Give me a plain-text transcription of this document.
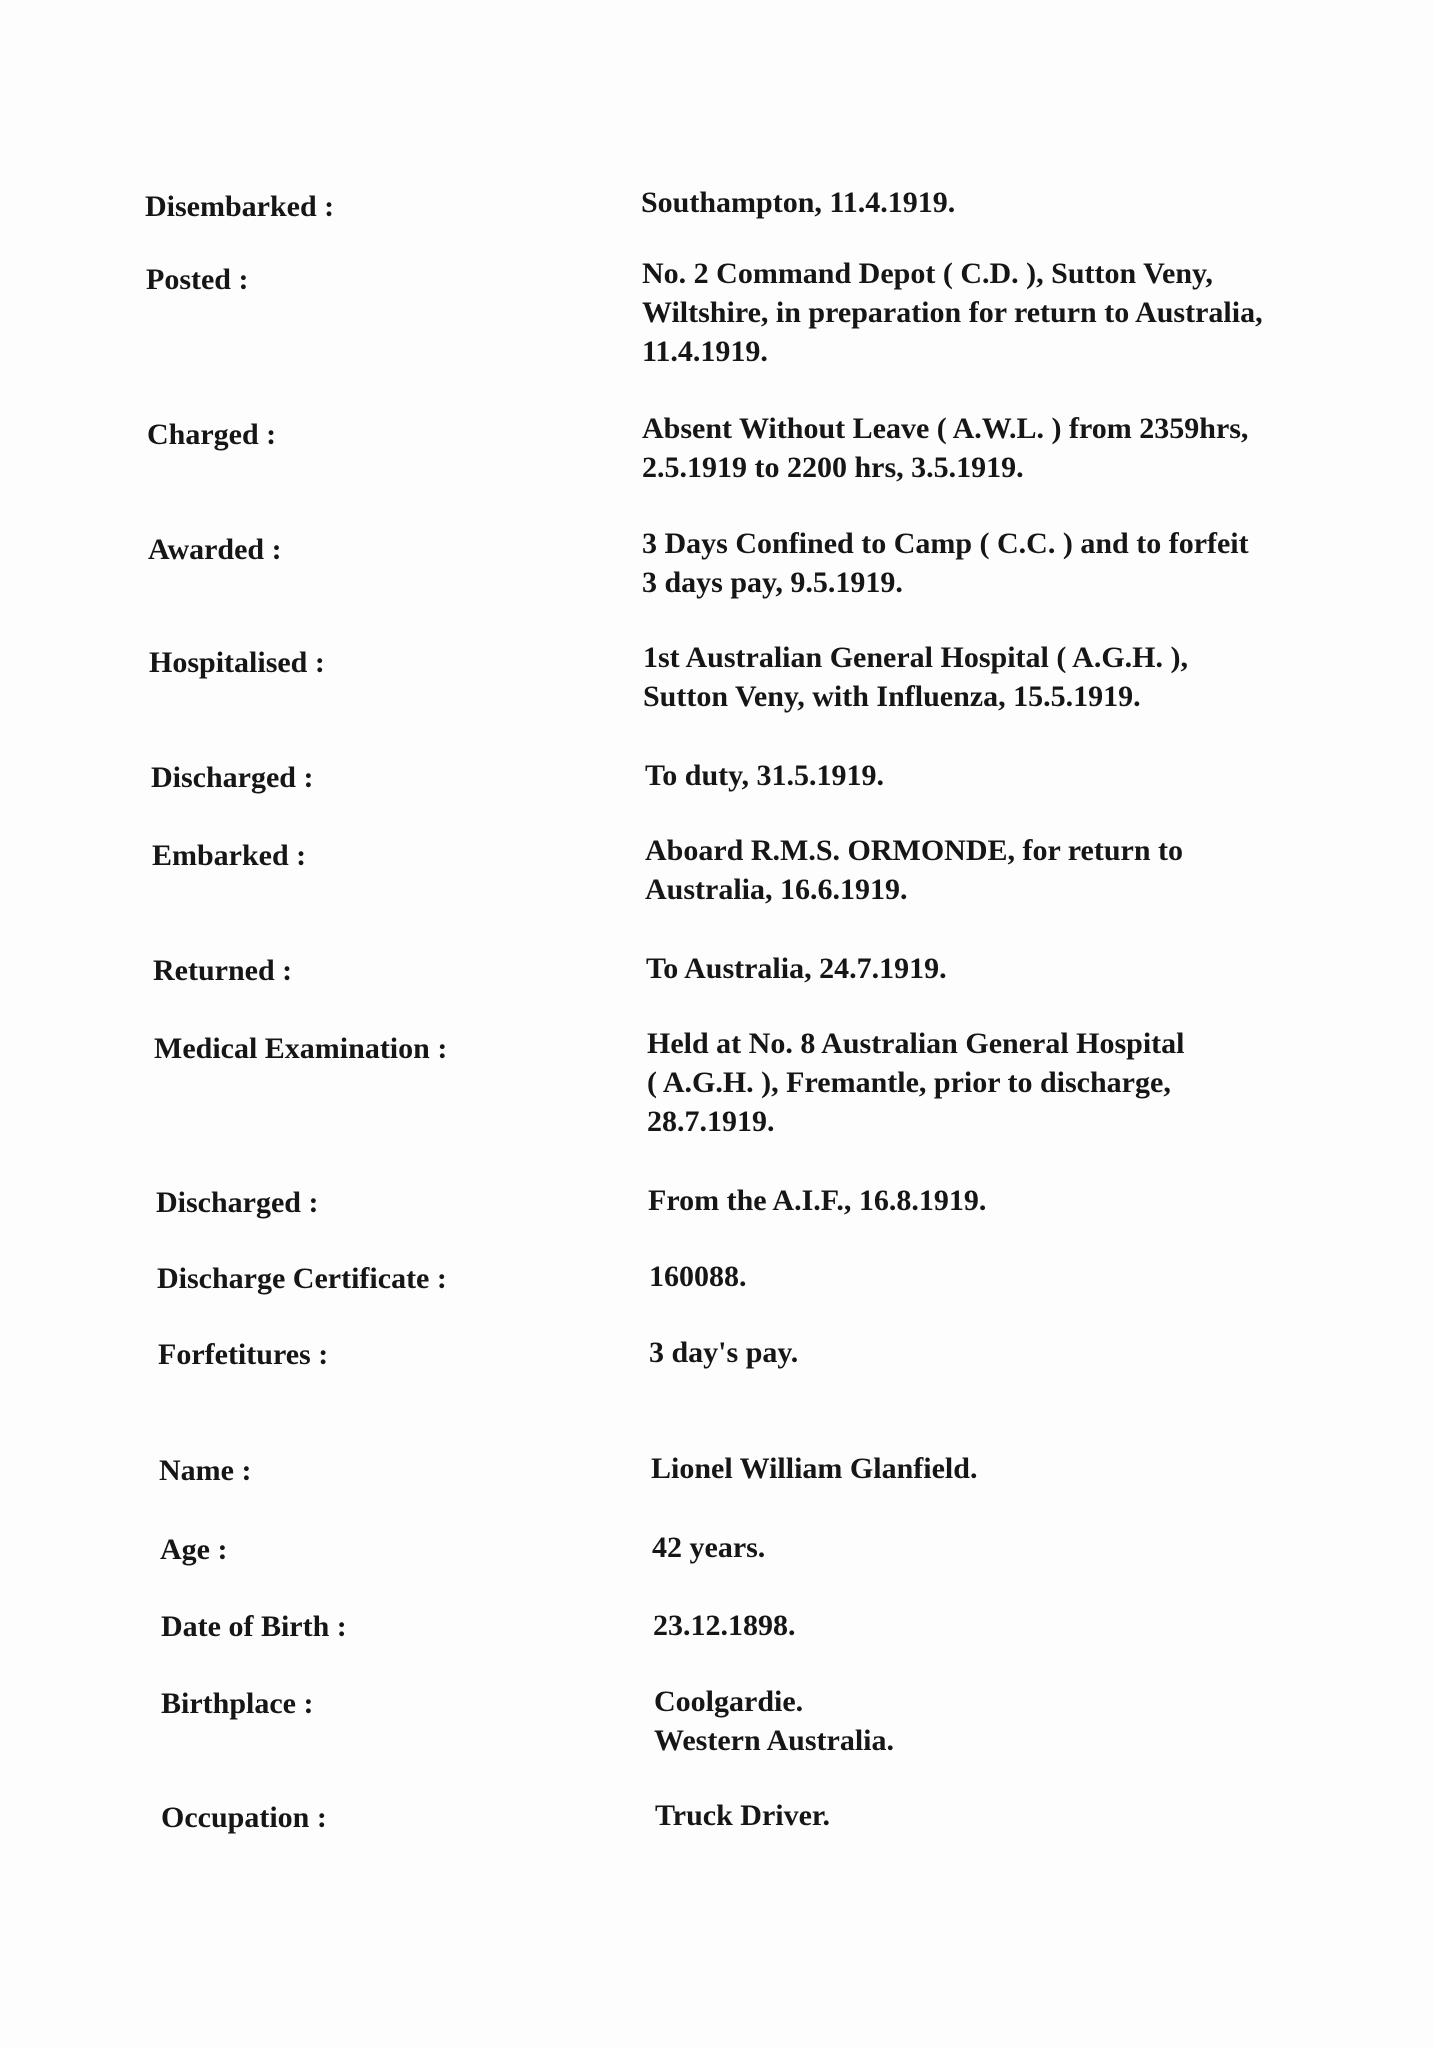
Disembarked :	Southampton, 11.4.1919.
Posted :	No. 2 Command Depot ( C.D. ), Sutton Veny,
Wiltshire, in preparation for return to Australia,
11.4.1919.
Charged :	Absent Without Leave ( A.W.L. ) from 2359hrs,
2.5.1919 to 2200 hrs, 3.5.1919.
Awarded :	3 Days Confined to Camp ( C.C. ) and to forfeit
3 days pay, 9.5.1919.
Hospitalised :	1st Australian General Hospital ( A.G.H. ),
Sutton Veny, with Influenza, 15.5.1919.
Discharged :	To duty, 31.5.1919.
Embarked :	Aboard R.M.S. ORMONDE, for return to
Australia, 16.6.1919.
Returned :	To Australia, 24.7.1919.
Medical Examination :	Held at No. 8 Australian General Hospital
( A.G.H. ), Fremantle, prior to discharge,
28.7.1919.
Discharged :	From the A.I.F., 16.8.1919.
Discharge Certificate :	160088.
Forfetitures :	3 day's pay.
Name :	Lionel William Glanfield.
Age :	42 years.
Date of Birth :	23.12.1898.
Birthplace :	Coolgardie.
Western Australia.
Occupation :	Truck Driver.
